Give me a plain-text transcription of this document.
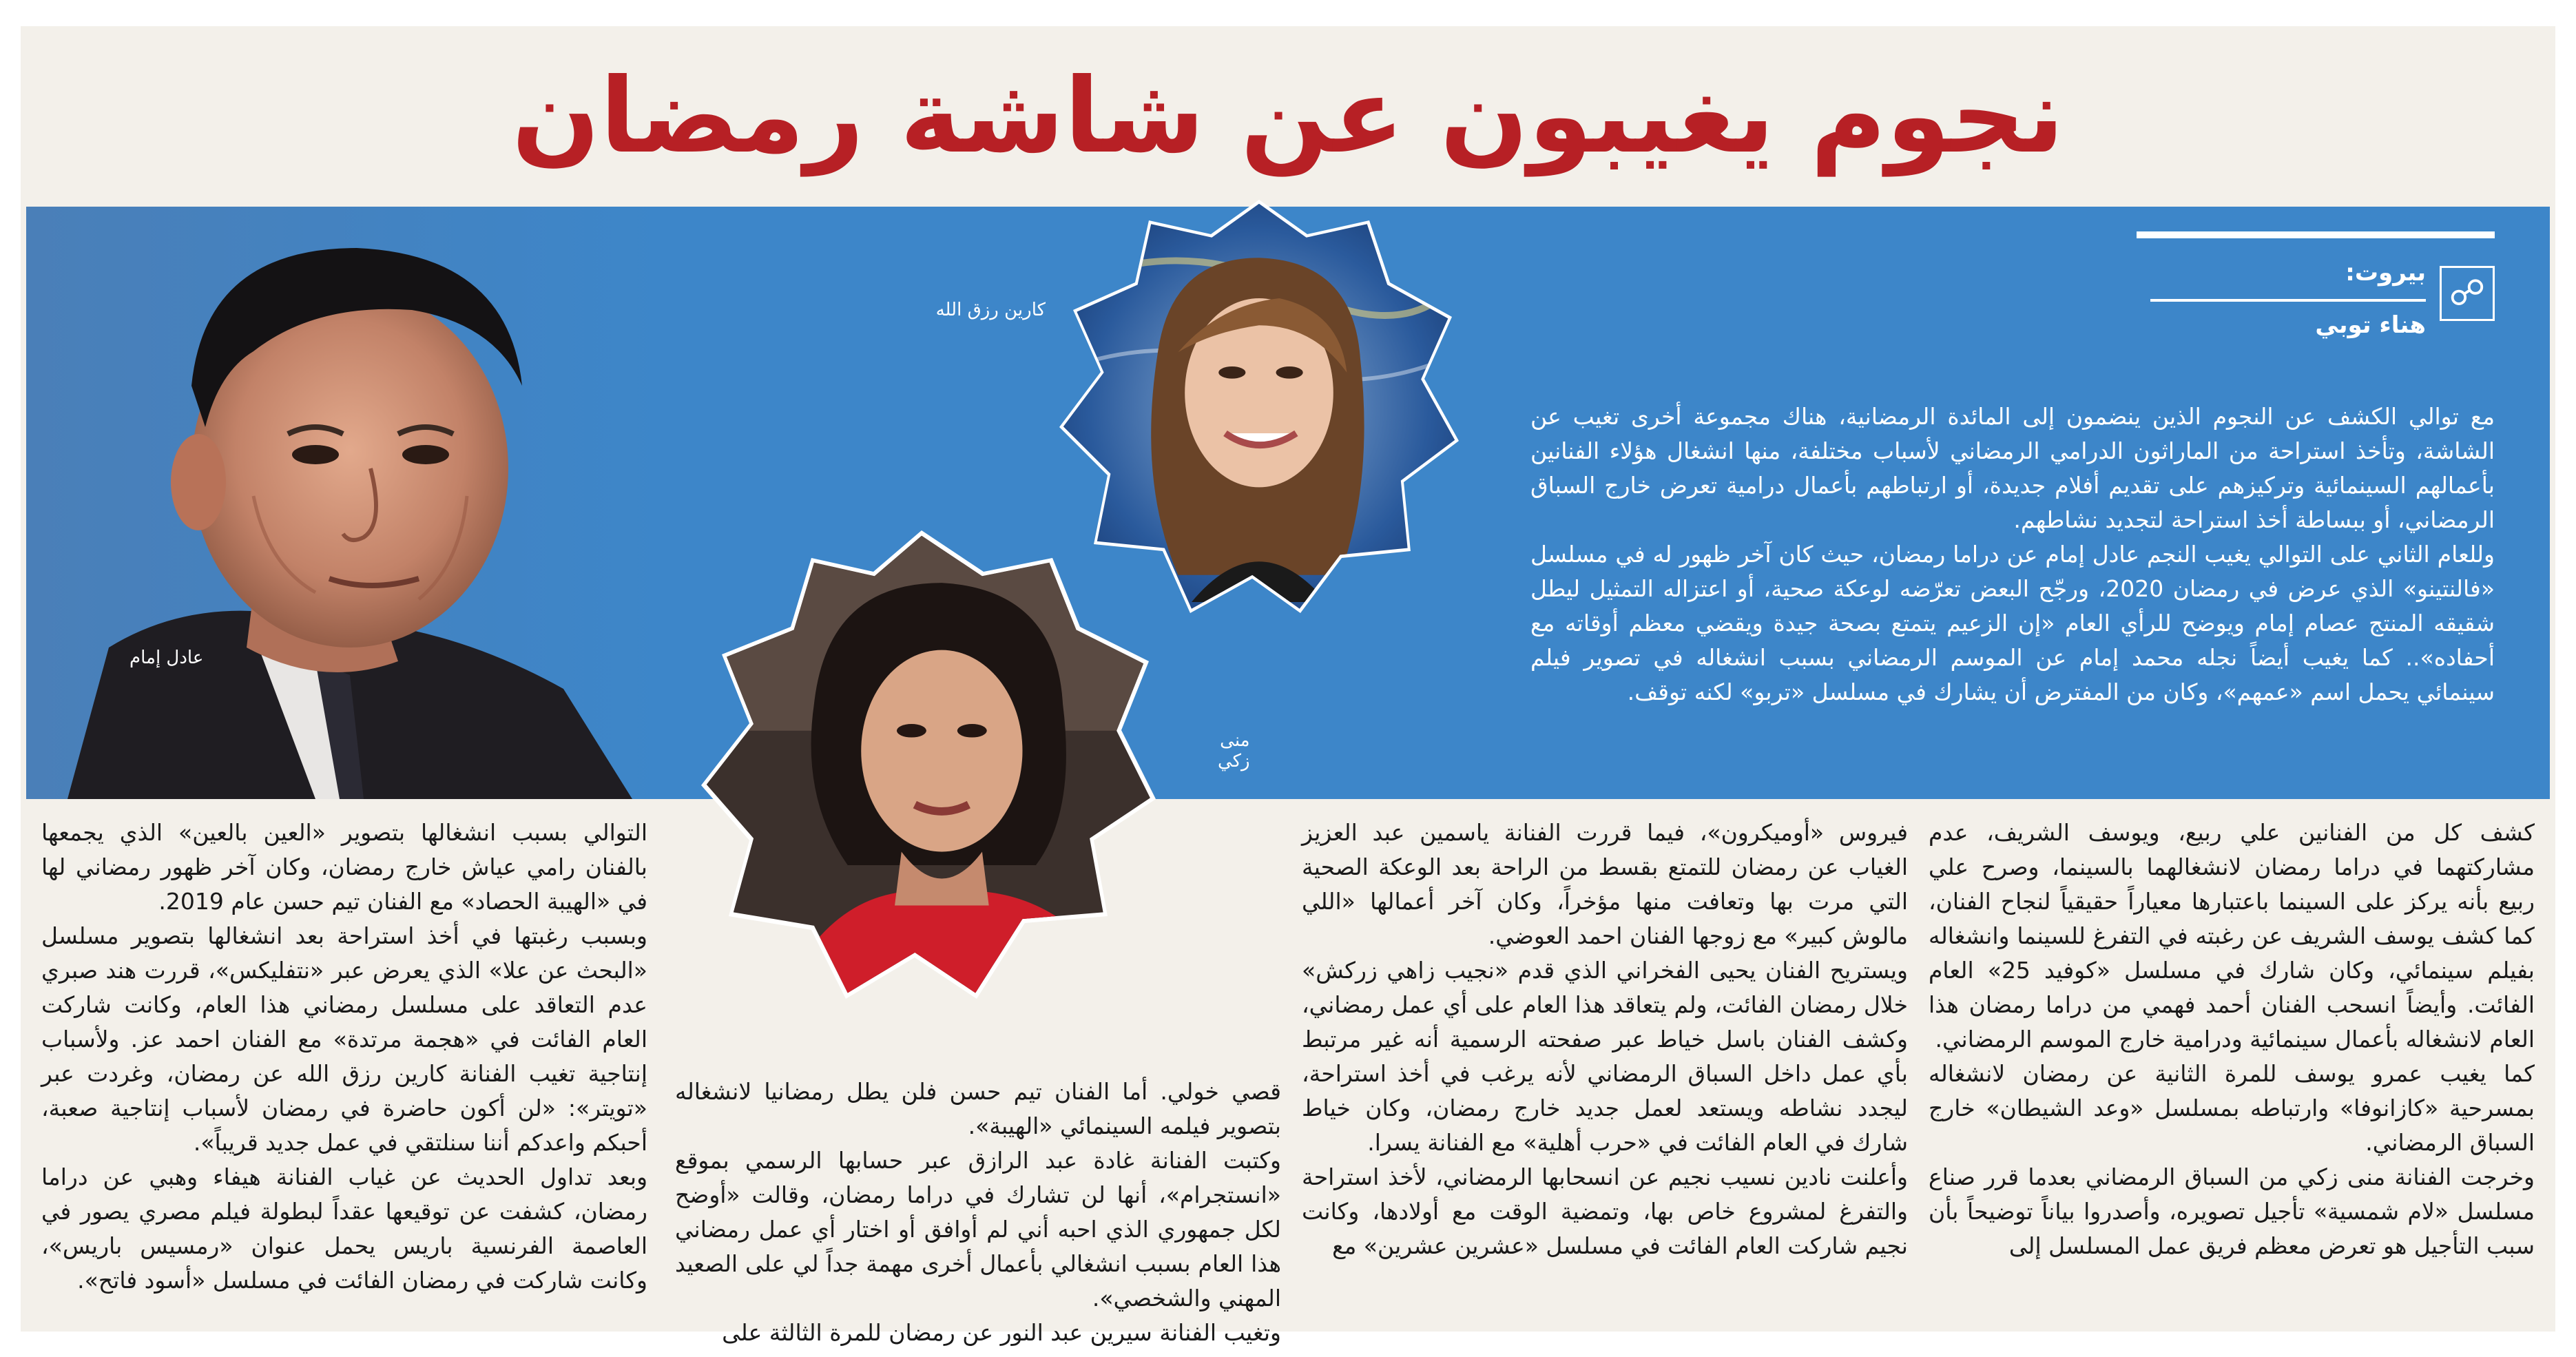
نجوم يغيبون عن شاشة رمضان
عادل إمام
كارين رزق الله
منى زكي
☍
بيروت:
هناء توبي

مع توالي الكشف عن النجوم الذين ينضمون إلى المائدة الرمضانية، هناك مجموعة أخرى تغيب عن الشاشة، وتأخذ استراحة من الماراثون الدرامي الرمضاني لأسباب مختلفة، منها انشغال هؤلاء الفنانين بأعمالهم السينمائية وتركيزهم على تقديم أفلام جديدة، أو ارتباطهم بأعمال درامية تعرض خارج السباق الرمضاني، أو ببساطة أخذ استراحة لتجديد نشاطهم.

وللعام الثاني على التوالي يغيب النجم عادل إمام عن دراما رمضان، حيث كان آخر ظهور له في مسلسل «فالنتينو» الذي عرض في رمضان 2020، ورجّح البعض تعرّضه لوعكة صحية، أو اعتزاله التمثيل ليطل شقيقه المنتج عصام إمام ويوضح للرأي العام «إن الزعيم يتمتع بصحة جيدة ويقضي معظم أوقاته مع أحفاده».. كما يغيب أيضاً نجله محمد إمام عن الموسم الرمضاني بسبب انشغاله في تصوير فيلم سينمائي يحمل اسم «عمهم»، وكان من المفترض أن يشارك في مسلسل «تربو» لكنه توقف.

كشف كل من الفنانين علي ربيع، ويوسف الشريف، عدم مشاركتهما في دراما رمضان لانشغالهما بالسينما، وصرح علي ربيع بأنه يركز على السينما باعتبارها معياراً حقيقياً لنجاح الفنان، كما كشف يوسف الشريف عن رغبته في التفرغ للسينما وانشغاله بفيلم سينمائي، وكان شارك في مسلسل «كوفيد 25» العام الفائت. وأيضاً انسحب الفنان أحمد فهمي من دراما رمضان هذا العام لانشغاله بأعمال سينمائية ودرامية خارج الموسم الرمضاني.

كما يغيب عمرو يوسف للمرة الثانية عن رمضان لانشغاله بمسرحية «كازانوفا» وارتباطه بمسلسل «وعد الشيطان» خارج السباق الرمضاني.

وخرجت الفنانة منى زكي من السباق الرمضاني بعدما قرر صناع مسلسل «لام شمسية» تأجيل تصويره، وأصدروا بياناً توضيحاً بأن سبب التأجيل هو تعرض معظم فريق عمل المسلسل إلى

فيروس «أوميكرون»، فيما قررت الفنانة ياسمين عبد العزيز الغياب عن رمضان للتمتع بقسط من الراحة بعد الوعكة الصحية التي مرت بها وتعافت منها مؤخراً، وكان آخر أعمالها «اللي مالوش كبير» مع زوجها الفنان احمد العوضي.

ويستريح الفنان يحيى الفخراني الذي قدم «نجيب زاهي زركش» خلال رمضان الفائت، ولم يتعاقد هذا العام على أي عمل رمضاني، وكشف الفنان باسل خياط عبر صفحته الرسمية أنه غير مرتبط بأي عمل داخل السباق الرمضاني لأنه يرغب في أخذ استراحة، ليجدد نشاطه ويستعد لعمل جديد خارج رمضان، وكان خياط شارك في العام الفائت في «حرب أهلية» مع الفنانة يسرا.

وأعلنت نادين نسيب نجيم عن انسحابها الرمضاني، لأخذ استراحة والتفرغ لمشروع خاص بها، وتمضية الوقت مع أولادها، وكانت نجيم شاركت العام الفائت في مسلسل «عشرين عشرين» مع

قصي خولي. أما الفنان تيم حسن فلن يطل رمضانيا لانشغاله بتصوير فيلمه السينمائي «الهيبة».

وكتبت الفنانة غادة عبد الرازق عبر حسابها الرسمي بموقع «انستجرام»، أنها لن تشارك في دراما رمضان، وقالت «أوضح لكل جمهوري الذي احبه أني لم أوافق أو اختار أي عمل رمضاني هذا العام بسبب انشغالي بأعمال أخرى مهمة جداً لي على الصعيد المهني والشخصي».

وتغيب الفنانة سيرين عبد النور عن رمضان للمرة الثالثة على

التوالي بسبب انشغالها بتصوير «العين بالعين» الذي يجمعها بالفنان رامي عياش خارج رمضان، وكان آخر ظهور رمضاني لها في «الهيبة الحصاد» مع الفنان تيم حسن عام 2019.

وبسبب رغبتها في أخذ استراحة بعد انشغالها بتصوير مسلسل «البحث عن علا» الذي يعرض عبر «نتفليكس»، قررت هند صبري عدم التعاقد على مسلسل رمضاني هذا العام، وكانت شاركت العام الفائت في «هجمة مرتدة» مع الفنان احمد عز. ولأسباب إنتاجية تغيب الفنانة كارين رزق الله عن رمضان، وغردت عبر «تويتر»: «لن أكون حاضرة في رمضان لأسباب إنتاجية صعبة، أحبكم واعدكم أننا سنلتقي في عمل جديد قريباً».

وبعد تداول الحديث عن غياب الفنانة هيفاء وهبي عن دراما رمضان، كشفت عن توقيعها عقداً لبطولة فيلم مصري يصور في العاصمة الفرنسية باريس يحمل عنوان «رمسيس باريس»، وكانت شاركت في رمضان الفائت في مسلسل «أسود فاتح».
